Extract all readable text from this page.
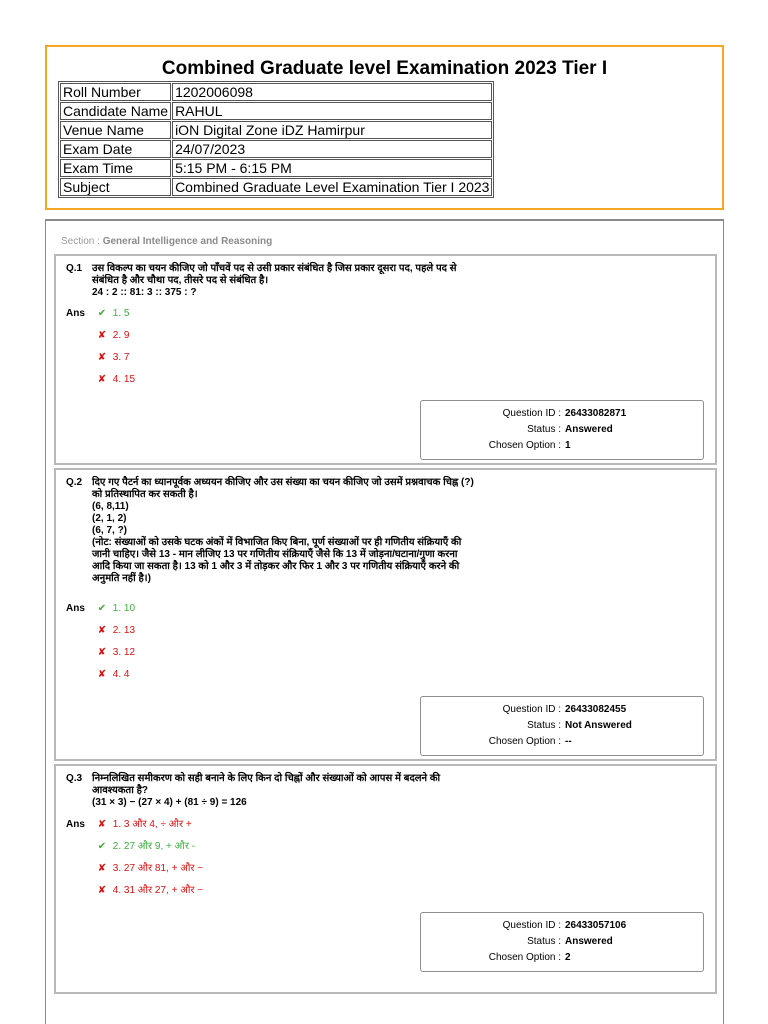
Combined Graduate level Examination 2023 Tier I
Roll Number	1202006098
Candidate Name	RAHUL
Venue Name	iON Digital Zone iDZ Hamirpur
Exam Date	24/07/2023
Exam Time	5:15 PM - 6:15 PM
Subject	Combined Graduate Level Examination Tier I 2023
Section : General Intelligence and Reasoning
Q.1 उस विकल्प का चयन कीजिए जो पाँचवें पद से उसी प्रकार संबंधित है जिस प्रकार दूसरा पद, पहले पद से
संबंधित है और चौथा पद, तीसरे पद से संबंधित है।
24 : 2 :: 81: 3 :: 375 : ?
Ans	✔ 1. 5
✘ 2. 9
✘ 3. 7
✘ 4. 15
Question ID : 26433082871
Status : Answered
Chosen Option : 1
Q.2 दिए गए पैटर्न का ध्यानपूर्वक अध्ययन कीजिए और उस संख्या का चयन कीजिए जो उसमें प्रश्नवाचक चिह्न (?)
को प्रतिस्थापित कर सकती है।
(6, 8,11)
(2, 1, 2)
(6, 7, ?)
(नोट: संख्याओं को उसके घटक अंकों में विभाजित किए बिना, पूर्ण संख्याओं पर ही गणितीय संक्रियाएँ की
जानी चाहिए। जैसे 13 - मान लीजिए 13 पर गणितीय संक्रियाएँ जैसे कि 13 में जोड़ना/घटाना/गुणा करना
आदि किया जा सकता है। 13 को 1 और 3 में तोड़कर और फिर 1 और 3 पर गणितीय संक्रियाएँ करने की
अनुमति नहीं है।)
Ans	✔ 1. 10
✘ 2. 13
✘ 3. 12
✘ 4. 4
Question ID : 26433082455
Status : Not Answered
Chosen Option : --
Q.3 निम्नलिखित समीकरण को सही बनाने के लिए किन दो चिह्नों और संख्याओं को आपस में बदलने की
आवश्यकता है?
(31 × 3) − (27 × 4) + (81 ÷ 9) = 126
Ans	✘ 1. 3 और 4, ÷ और +
✔ 2. 27 और 9, + और -
✘ 3. 27 और 81, + और −
✘ 4. 31 और 27, + और −
Question ID : 26433057106
Status : Answered
Chosen Option : 2
